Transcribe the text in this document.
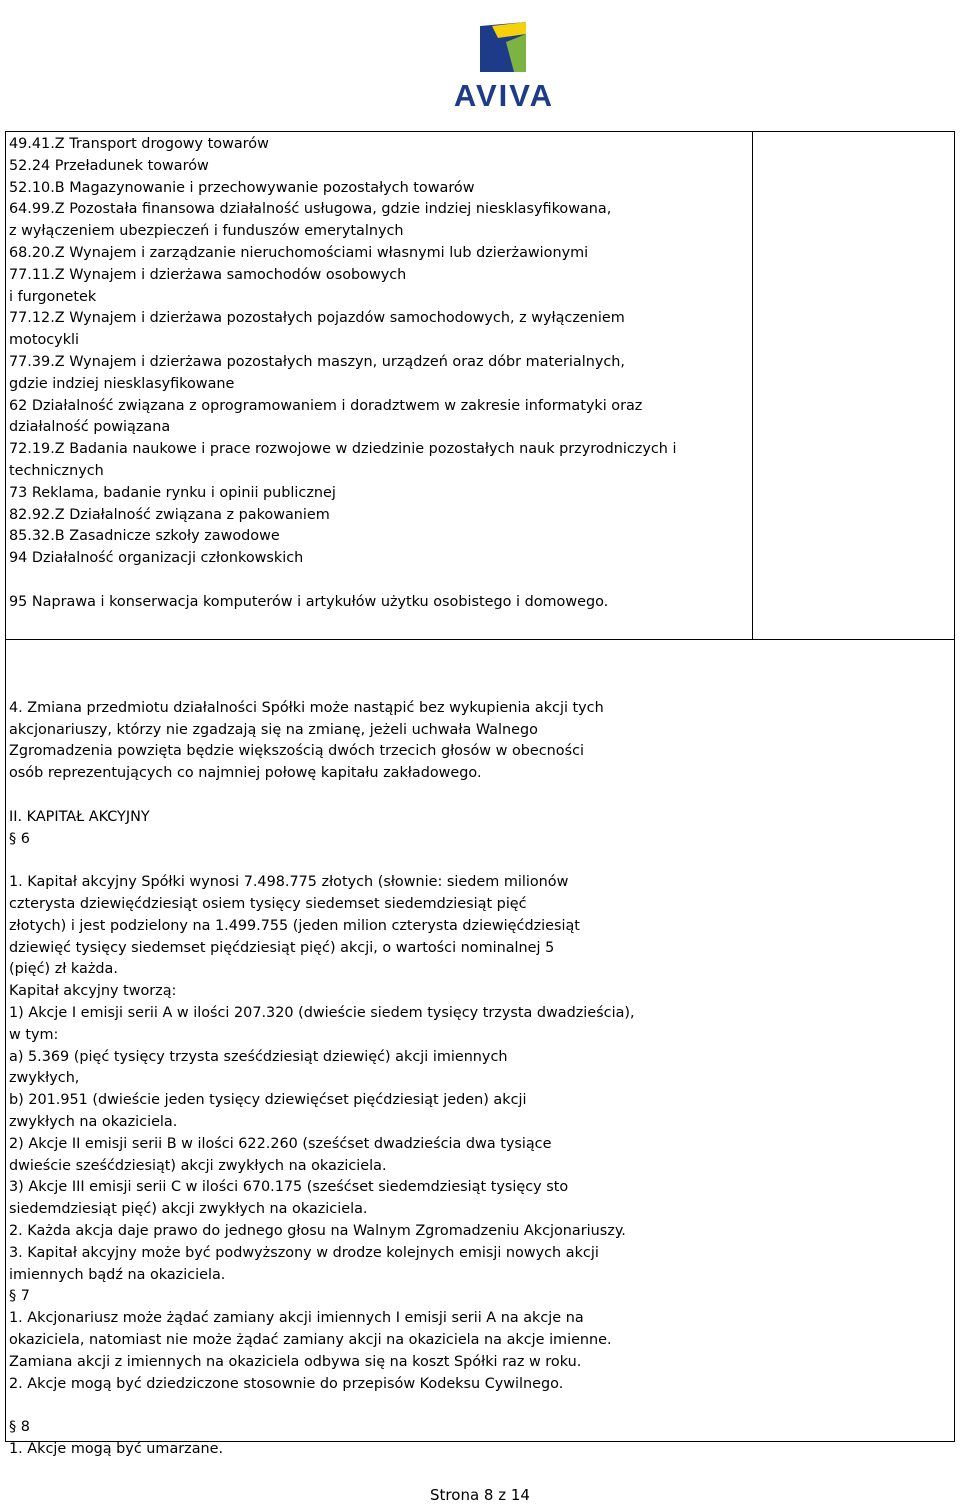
AVIVA
49.41.Z Transport drogowy towarów
52.24 Przeładunek towarów
52.10.B Magazynowanie i przechowywanie pozostałych towarów
64.99.Z Pozostała finansowa działalność usługowa, gdzie indziej niesklasyfikowana,
z wyłączeniem ubezpieczeń i funduszów emerytalnych
68.20.Z Wynajem i zarządzanie nieruchomościami własnymi lub dzierżawionymi
77.11.Z Wynajem i dzierżawa samochodów osobowych
i furgonetek
77.12.Z Wynajem i dzierżawa pozostałych pojazdów samochodowych, z wyłączeniem
motocykli
77.39.Z Wynajem i dzierżawa pozostałych maszyn, urządzeń oraz dóbr materialnych,
gdzie indziej niesklasyfikowane
62 Działalność związana z oprogramowaniem i doradztwem w zakresie informatyki oraz
działalność powiązana
72.19.Z Badania naukowe i prace rozwojowe w dziedzinie pozostałych nauk przyrodniczych i
technicznych
73 Reklama, badanie rynku i opinii publicznej
82.92.Z Działalność związana z pakowaniem
85.32.B Zasadnicze szkoły zawodowe
94 Działalność organizacji członkowskich
95 Naprawa i konserwacja komputerów i artykułów użytku osobistego i domowego.
4. Zmiana przedmiotu działalności Spółki może nastąpić bez wykupienia akcji tych
akcjonariuszy, którzy nie zgadzają się na zmianę, jeżeli uchwała Walnego
Zgromadzenia powzięta będzie większością dwóch trzecich głosów w obecności
osób reprezentujących co najmniej połowę kapitału zakładowego.
II. KAPITAŁ AKCYJNY
§ 6
1. Kapitał akcyjny Spółki wynosi 7.498.775 złotych (słownie: siedem milionów
czterysta dziewięćdziesiąt osiem tysięcy siedemset siedemdziesiąt pięć
złotych) i jest podzielony na 1.499.755 (jeden milion czterysta dziewięćdziesiąt
dziewięć tysięcy siedemset pięćdziesiąt pięć) akcji, o wartości nominalnej 5
(pięć) zł każda.
Kapitał akcyjny tworzą:
1) Akcje I emisji serii A w ilości 207.320 (dwieście siedem tysięcy trzysta dwadzieścia),
w tym:
a) 5.369 (pięć tysięcy trzysta sześćdziesiąt dziewięć) akcji imiennych
zwykłych,
b) 201.951 (dwieście jeden tysięcy dziewięćset pięćdziesiąt jeden) akcji
zwykłych na okaziciela.
2) Akcje II emisji serii B w ilości 622.260 (sześćset dwadzieścia dwa tysiące
dwieście sześćdziesiąt) akcji zwykłych na okaziciela.
3) Akcje III emisji serii C w ilości 670.175 (sześćset siedemdziesiąt tysięcy sto
siedemdziesiąt pięć) akcji zwykłych na okaziciela.
2. Każda akcja daje prawo do jednego głosu na Walnym Zgromadzeniu Akcjonariuszy.
3. Kapitał akcyjny może być podwyższony w drodze kolejnych emisji nowych akcji
imiennych bądź na okaziciela.
§ 7
1. Akcjonariusz może żądać zamiany akcji imiennych I emisji serii A na akcje na
okaziciela, natomiast nie może żądać zamiany akcji na okaziciela na akcje imienne.
Zamiana akcji z imiennych na okaziciela odbywa się na koszt Spółki raz w roku.
2. Akcje mogą być dziedziczone stosownie do przepisów Kodeksu Cywilnego.
§ 8
1. Akcje mogą być umarzane.
Strona 8 z 14
